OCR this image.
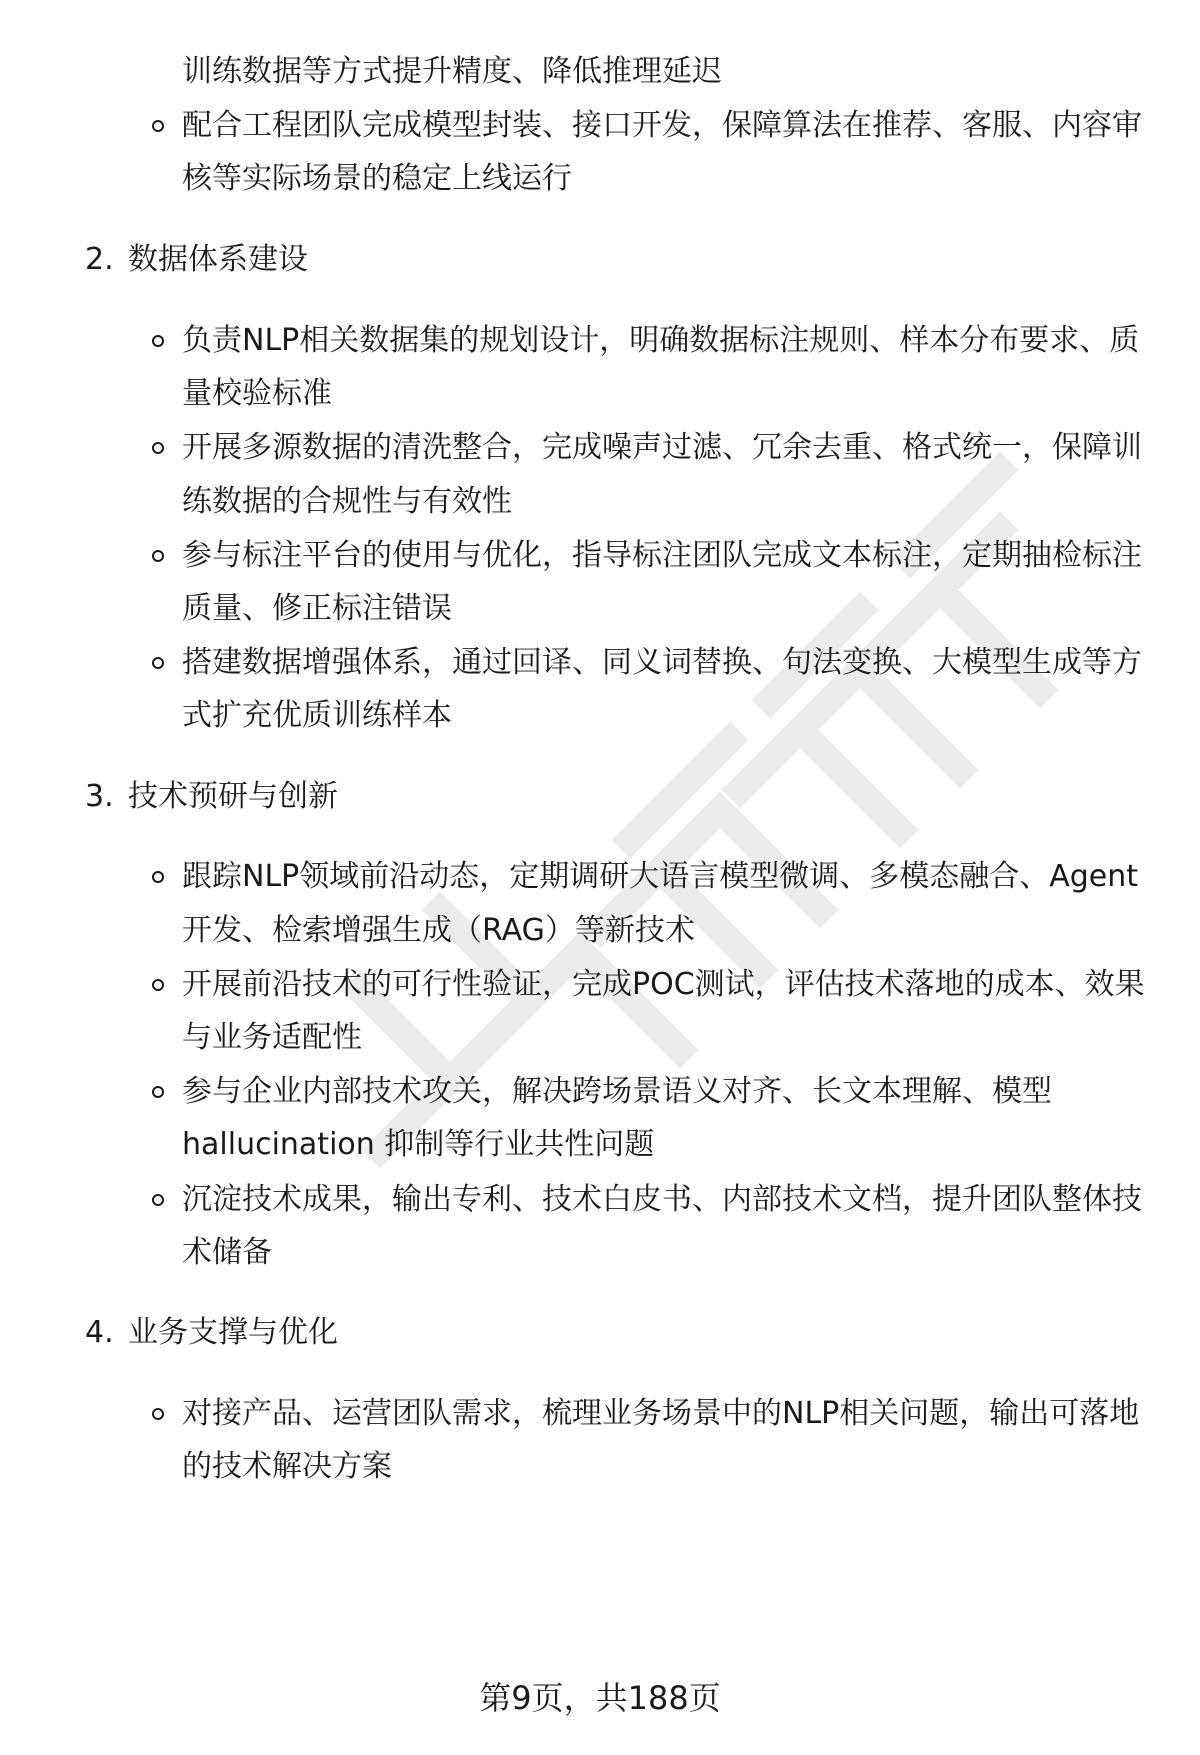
训练数据等方式提升精度、降低推理延迟
配合工程团队完成模型封装、接口开发，保障算法在推荐、客服、内容审
核等实际场景的稳定上线运行
2. 数据体系建设
负责NLP相关数据集的规划设计，明确数据标注规则、样本分布要求、质
量校验标准
开展多源数据的清洗整合，完成噪声过滤、冗余去重、格式统一，保障训
练数据的合规性与有效性
参与标注平台的使用与优化，指导标注团队完成文本标注，定期抽检标注
质量、修正标注错误
搭建数据增强体系，通过回译、同义词替换、句法变换、大模型生成等方
式扩充优质训练样本
3. 技术预研与创新
跟踪NLP领域前沿动态，定期调研大语言模型微调、多模态融合、Agent
开发、检索增强生成（RAG）等新技术
开展前沿技术的可行性验证，完成POC测试，评估技术落地的成本、效果
与业务适配性
参与企业内部技术攻关，解决跨场景语义对齐、长文本理解、模型
hallucination 抑制等行业共性问题
沉淀技术成果，输出专利、技术白皮书、内部技术文档，提升团队整体技
术储备
4. 业务支撑与优化
对接产品、运营团队需求，梳理业务场景中的NLP相关问题，输出可落地
的技术解决方案
第9页，共188页
